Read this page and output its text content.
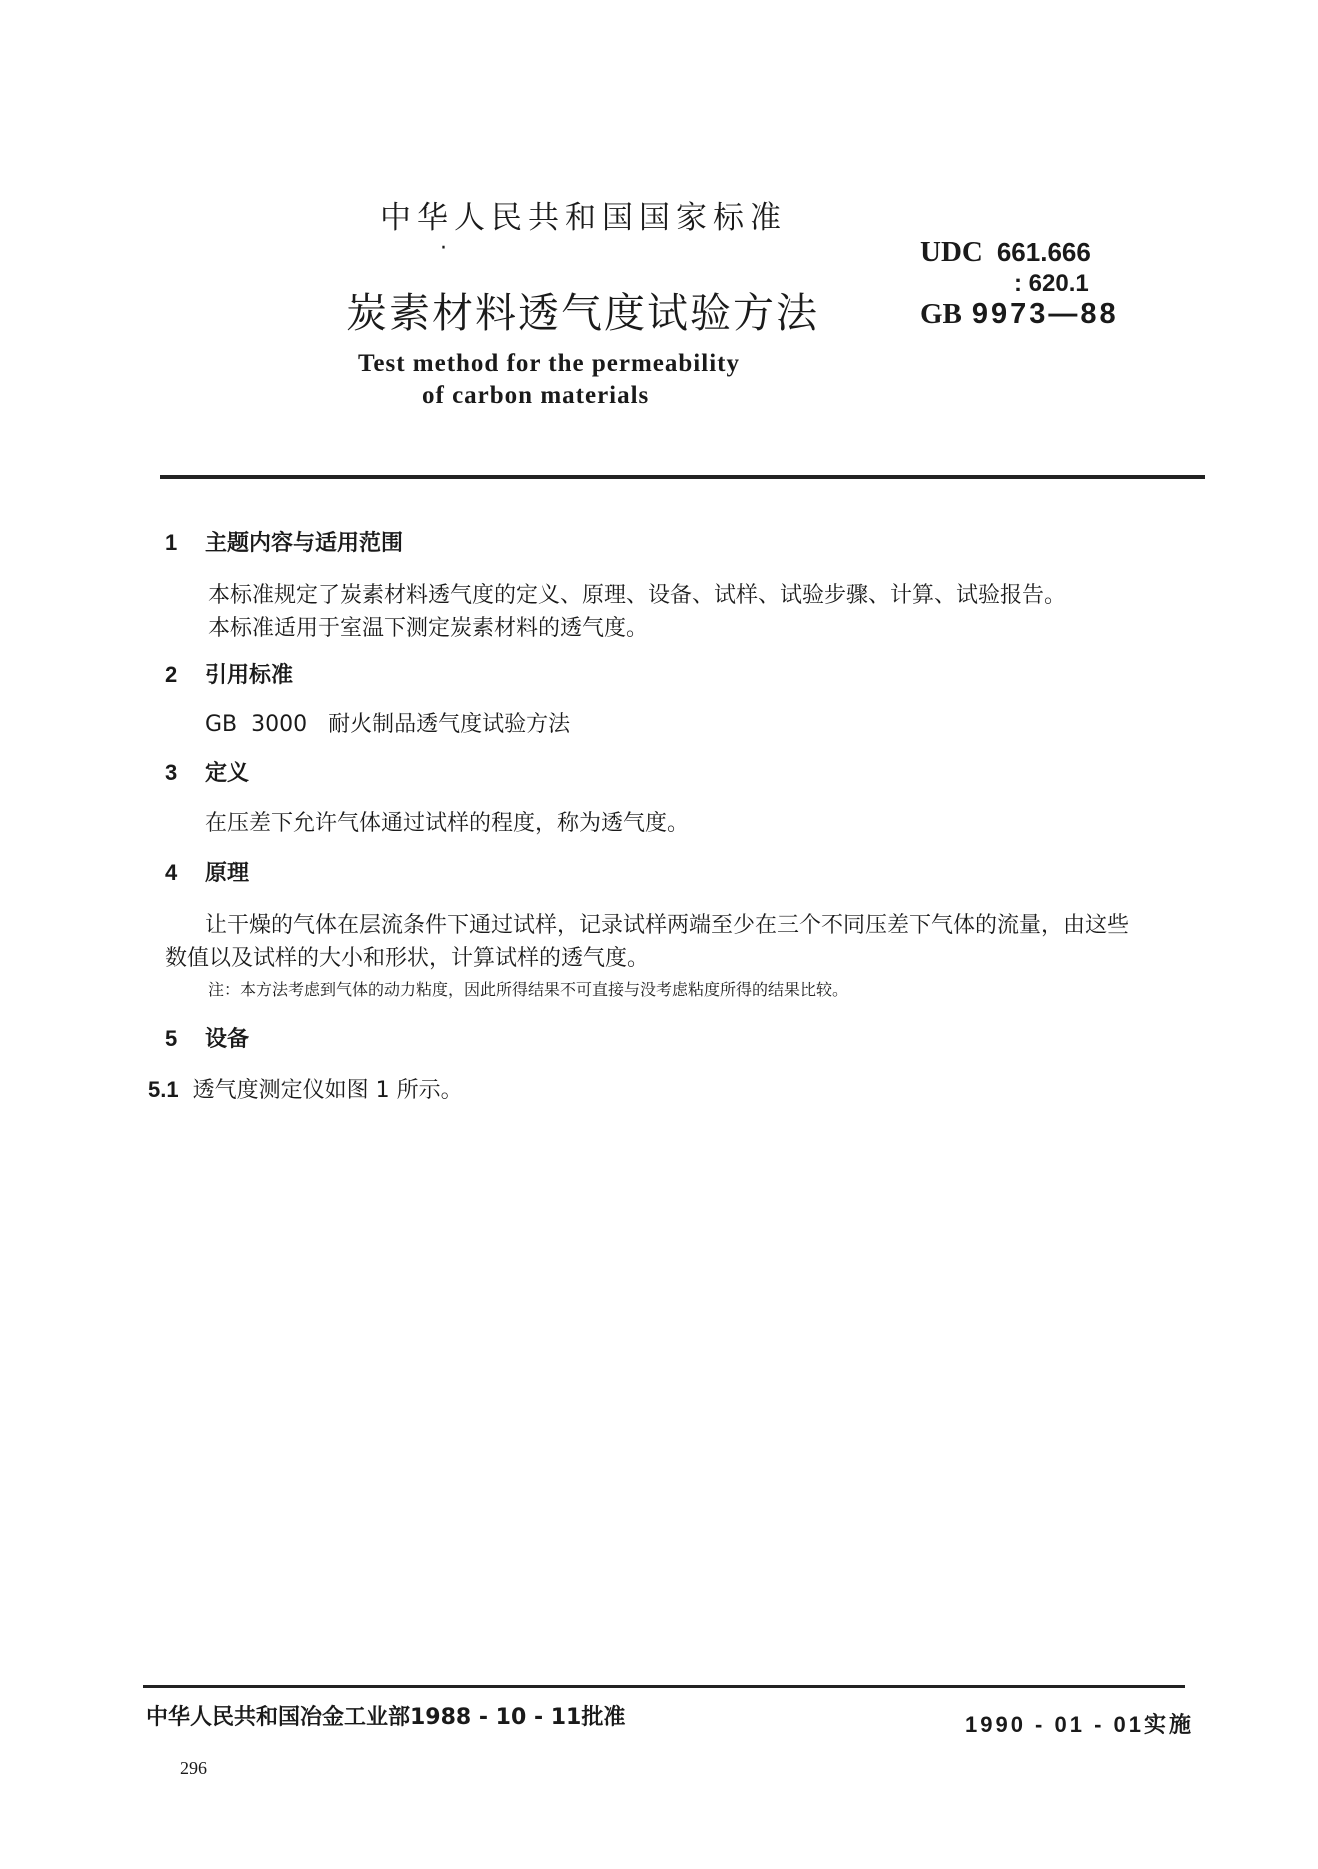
中华人民共和国国家标准
·
炭素材料透气度试验方法
UDC 661.666
: 620.1
GB 9973—88
Test method for the permeability
of carbon materials
1 主题内容与适用范围
本标准规定了炭素材料透气度的定义、原理、设备、试样、试验步骤、计算、试验报告。
本标准适用于室温下测定炭素材料的透气度。
2 引用标准
GB  3000   耐火制品透气度试验方法
3 定义
在压差下允许气体通过试样的程度，称为透气度。
4 原理
让干燥的气体在层流条件下通过试样，记录试样两端至少在三个不同压差下气体的流量，由这些
数值以及试样的大小和形状，计算试样的透气度。
注：本方法考虑到气体的动力粘度，因此所得结果不可直接与没考虑粘度所得的结果比较。
5 设备
5.1 透气度测定仪如图 1 所示。
中华人民共和国冶金工业部1988 - 10 - 11批准	1990 - 01 - 01实施
296
